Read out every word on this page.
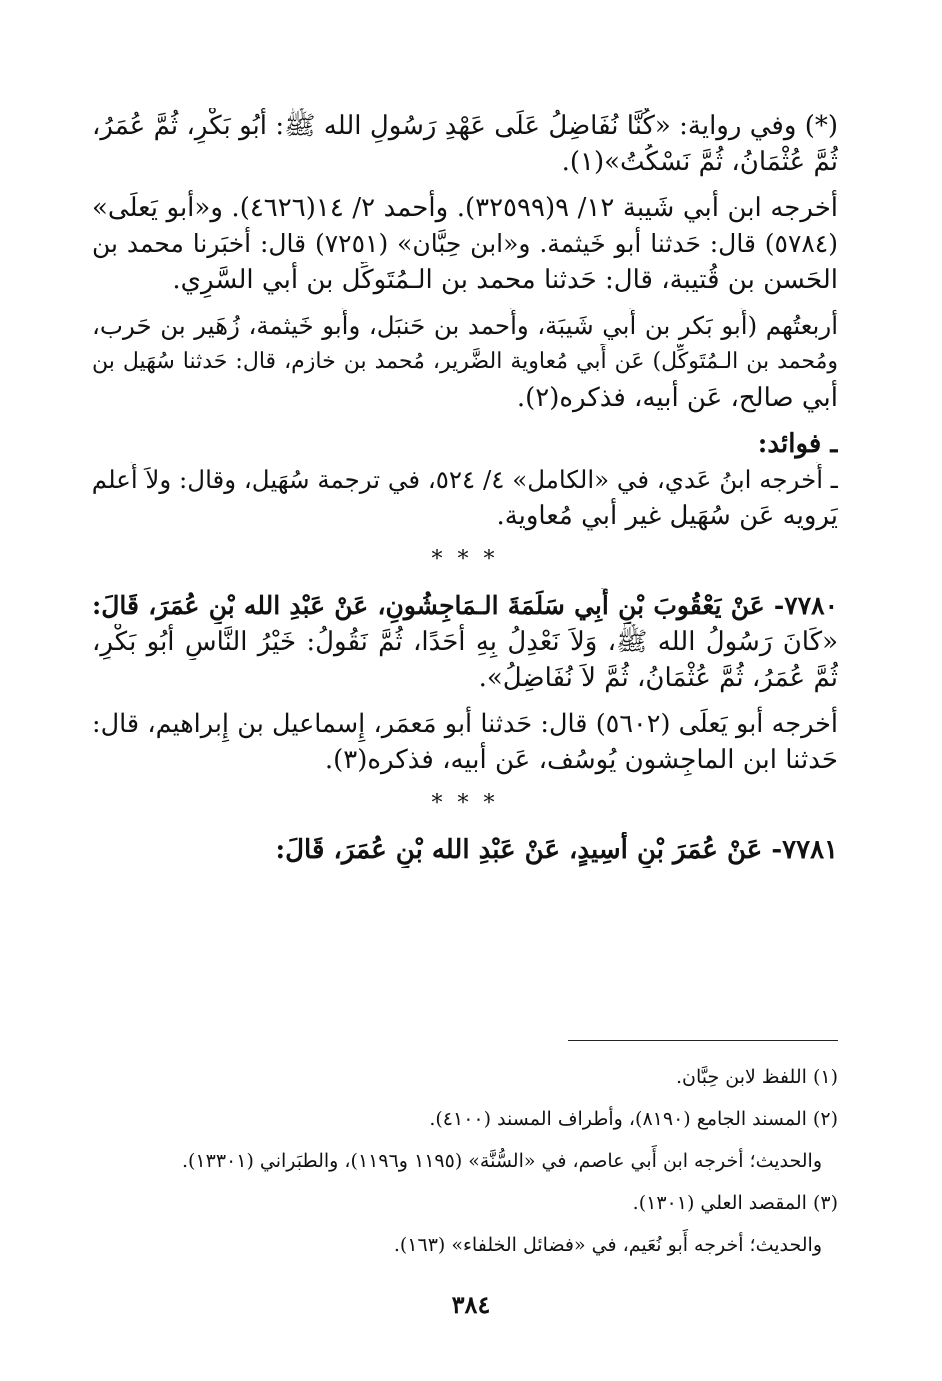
(*) وفي رواية: «كُنَّا نُفَاضِلُ عَلَى عَهْدِ رَسُولِ الله ﷺ: أَبُو بَكْرٍ، ثُمَّ عُمَرُ،
ثُمَّ عُثْمَانُ، ثُمَّ نَسْكُتُ»(١).
أخرجه ابن أَبي شَيبة ١٢/ ٩(٣٢٥٩٩). وأحمد ٢/ ١٤(٤٦٢٦). و«أبو يَعلَى»
(٥٧٨٤) قال: حَدثنا أَبو خَيثمة. و«ابن حِبَّان» (٧٢٥١) قال: أَخبَرنا محمد بن
الحَسن بن قُتيبة، قال: حَدثنا محمد بن الـمُتَوكِّل بن أَبي السَّرِي.
أربعتُهم (أَبو بَكر بن أَبي شَيبَة، وأَحمد بن حَنبَل، وأَبو خَيثمة، زُهَير بن حَرب،
ومُحمد بن الـمُتَوكِّل) عَن أَبي مُعاوية الضَّرير، مُحمد بن خازم، قال: حَدثنا سُهَيل بن
أَبي صالح، عَن أَبيه، فذكره(٢).
ـ فوائد:
ـ أَخرجه ابنُ عَدي، في «الكامل» ٤/ ٥٢٤، في ترجمة سُهَيل، وقال: ولاَ أَعلم
يَرويه عَن سُهَيل غير أَبي مُعاوية.
* * *
٧٧٨٠- عَنْ يَعْقُوبَ بْنِ أَبِي سَلَمَةَ الـمَاجِشُونِ، عَنْ عَبْدِ الله بْنِ عُمَرَ، قَالَ:
«كَانَ رَسُولُ الله ﷺ، وَلاَ نَعْدِلُ بِهِ أَحَدًا، ثُمَّ نَقُولُ: خَيْرُ النَّاسِ أَبُو بَكْرٍ،
ثُمَّ عُمَرُ، ثُمَّ عُثْمَانُ، ثُمَّ لاَ نُفَاضِلُ».
أخرجه أَبو يَعلَى (٥٦٠٢) قال: حَدثنا أَبو مَعمَر، إِسماعيل بن إِبراهيم، قال:
حَدثنا ابن الماجِشون يُوسُف، عَن أَبيه، فذكره(٣).
* * *
٧٧٨١- عَنْ عُمَرَ بْنِ أَسِيدٍ، عَنْ عَبْدِ الله بْنِ عُمَرَ، قَالَ:
(١) اللفظ لابن حِبَّان.
(٢) المسند الجامع (٨١٩٠)، وأطراف المسند (٤١٠٠).
والحديث؛ أخرجه ابن أَبي عاصم، في «السُّنَّة» (١١٩٥ و١١٩٦)، والطبَراني (١٣٣٠١).
(٣) المقصد العلي (١٣٠١).
والحديث؛ أخرجه أَبو نُعَيم، في «فضائل الخلفاء» (١٦٣).
٣٨٤
